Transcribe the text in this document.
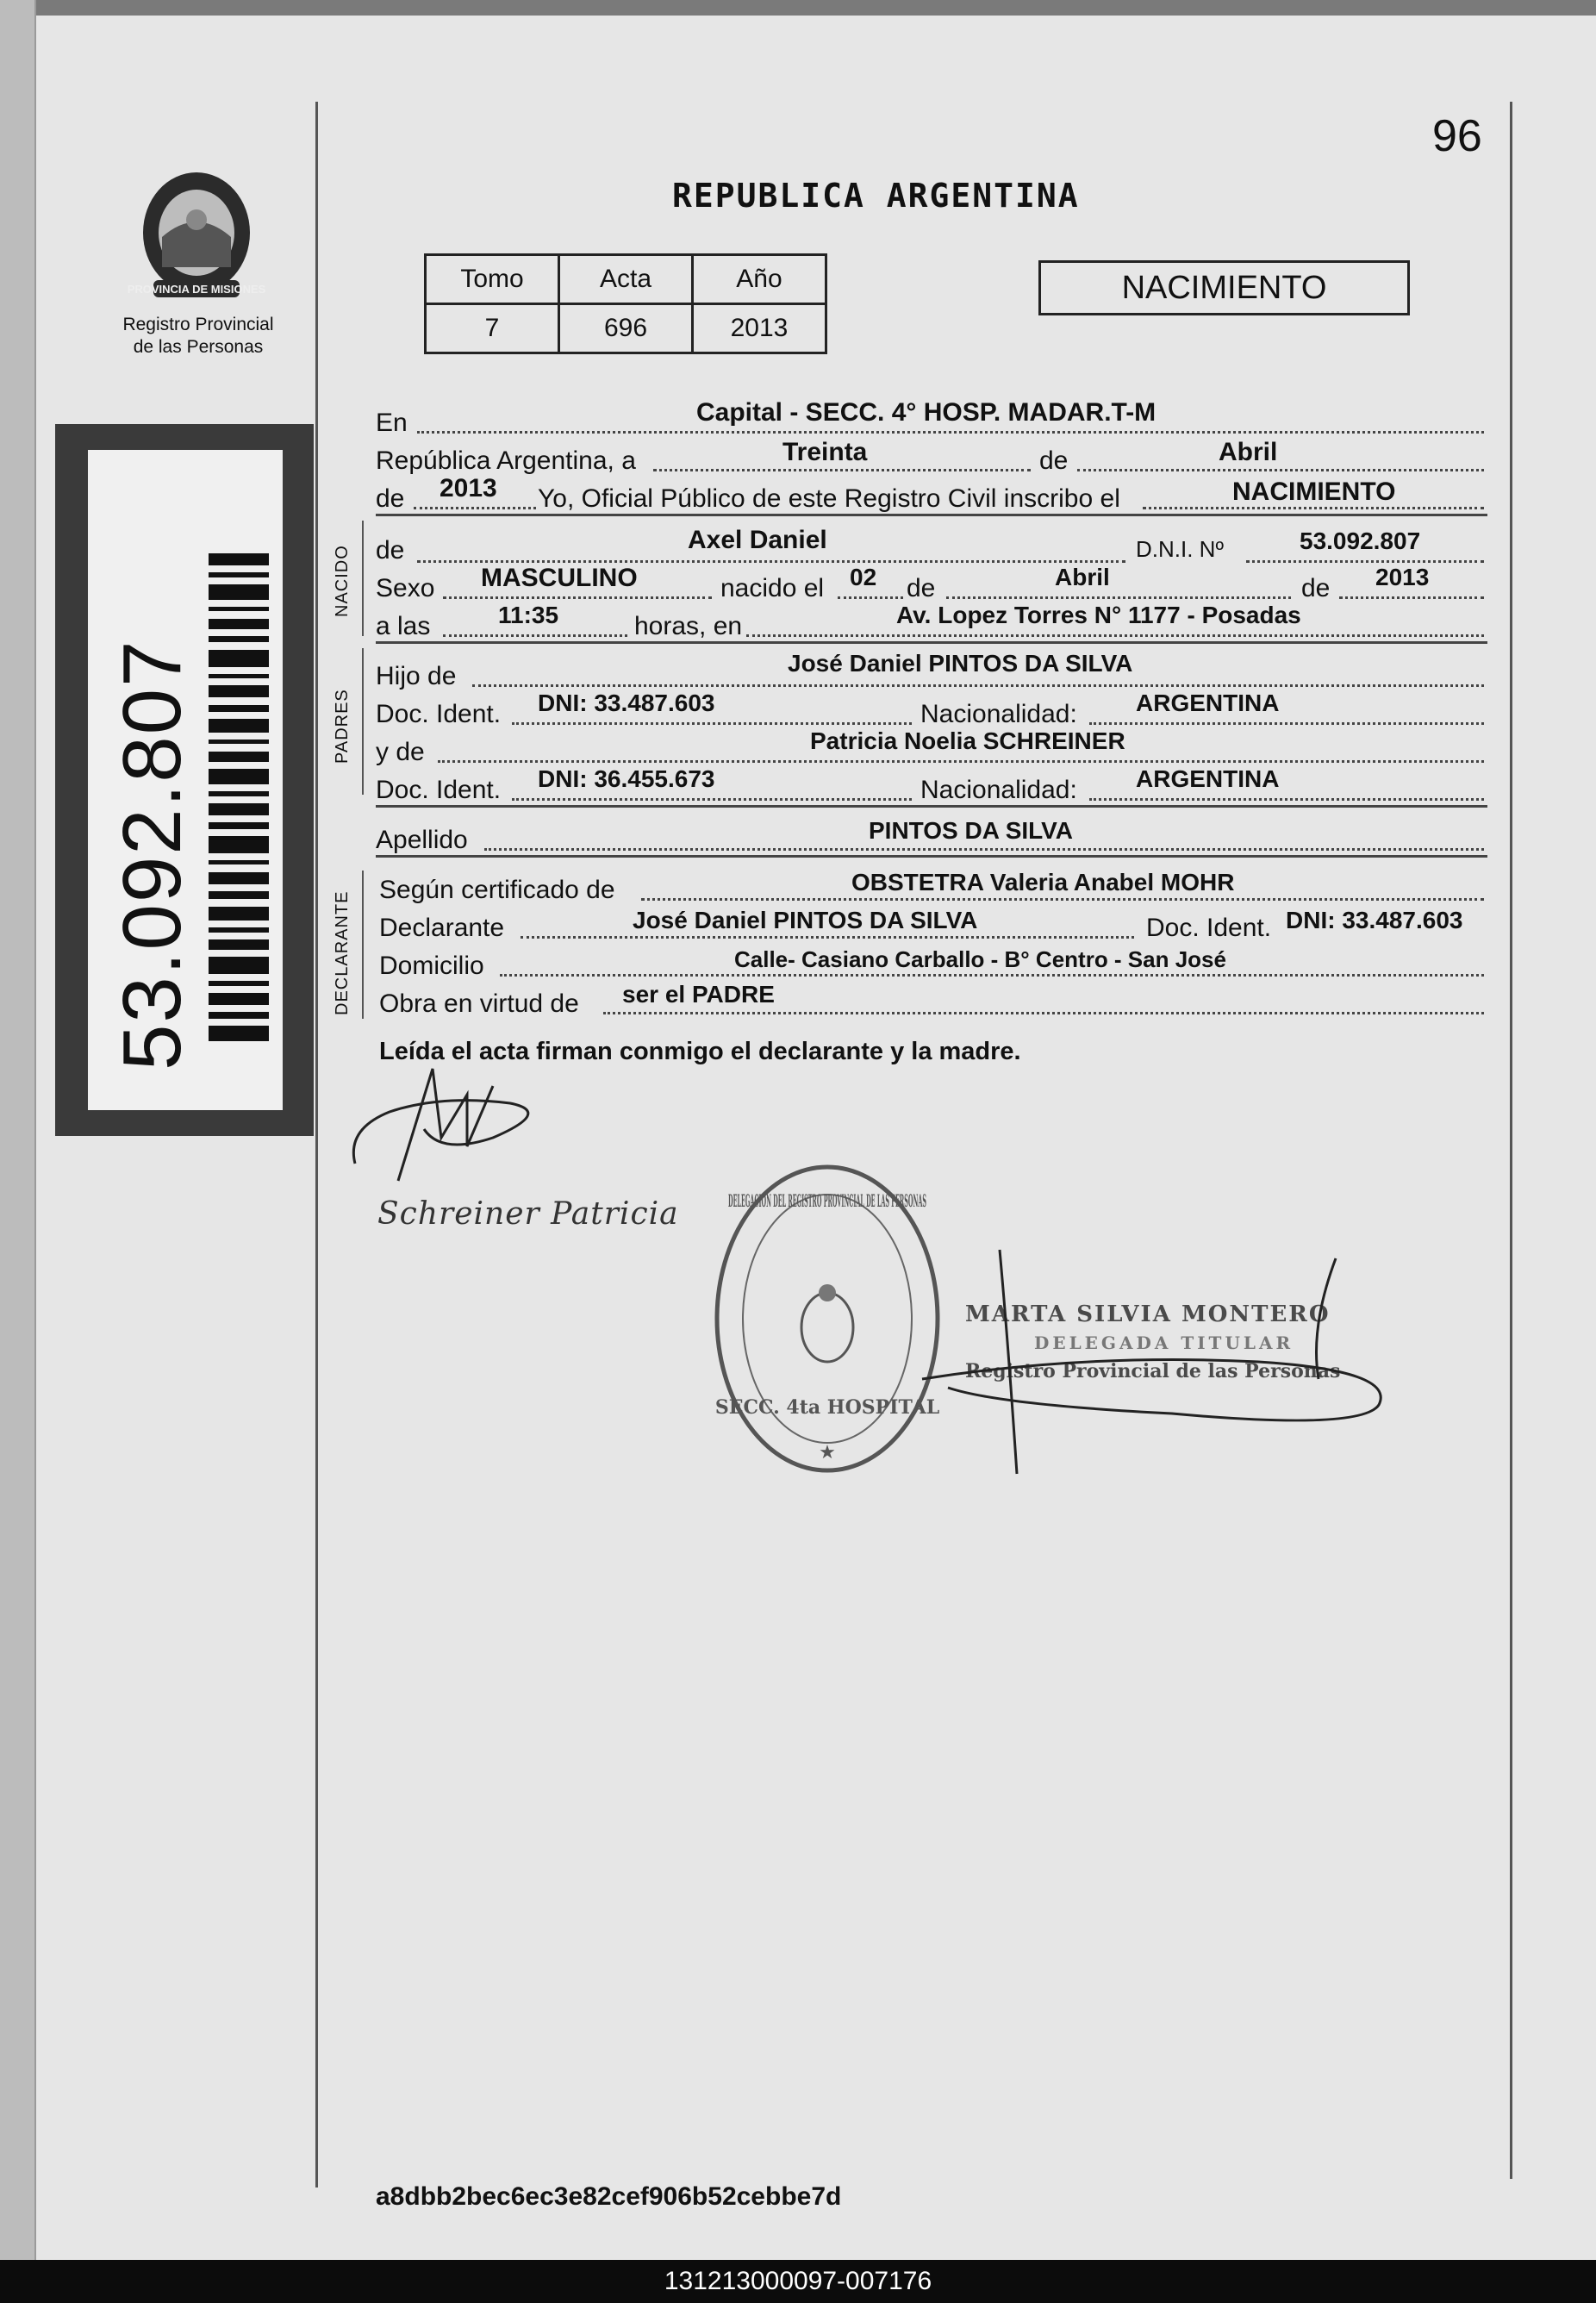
96
PROVINCIA DE MISIONES
Registro Provincial
de las Personas
53.092.807
REPUBLICA ARGENTINA
Tomo	Acta	Año
7	696	2013
NACIMIENTO
En	Capital - SECC. 4° HOSP. MADAR.T-M
República Argentina, a	Treinta	de	Abril
de 2013 Yo, Oficial Público de este Registro Civil inscribo el	NACIMIENTO
NACIDO de	Axel Daniel	D.N.I. Nº	53.092.807
Sexo MASCULINO	nacido el 02 de	Abril	de 2013
a las	11:35	horas, en	Av. Lopez Torres N° 1177 - Posadas
PADRES
Hijo de	José Daniel PINTOS DA SILVA
Doc. Ident. DNI: 33.487.603	Nacionalidad: ARGENTINA
y de	Patricia Noelia SCHREINER
Doc. Ident. DNI: 36.455.673	Nacionalidad: ARGENTINA
Apellido	PINTOS DA SILVA
DECLARANTE
Según certificado de	OBSTETRA Valeria Anabel MOHR
Declarante	José Daniel PINTOS DA SILVA	Doc. Ident. DNI: 33.487.603
Domicilio	Calle- Casiano Carballo - B° Centro - San José
Obra en virtud de ser el PADRE
Leída el acta firman conmigo el declarante y la madre.
Schreiner Patricia	DELEGACION DEL REGISTRO PROVINCIAL DE LAS PERSONAS
SECC. 4ta HOSPITAL
★
MARTA SILVIA MONTERO
DELEGADA TITULAR
Registro Provincial de las Personas
a8dbb2bec6ec3e82cef906b52cebbe7d
131213000097-007176
